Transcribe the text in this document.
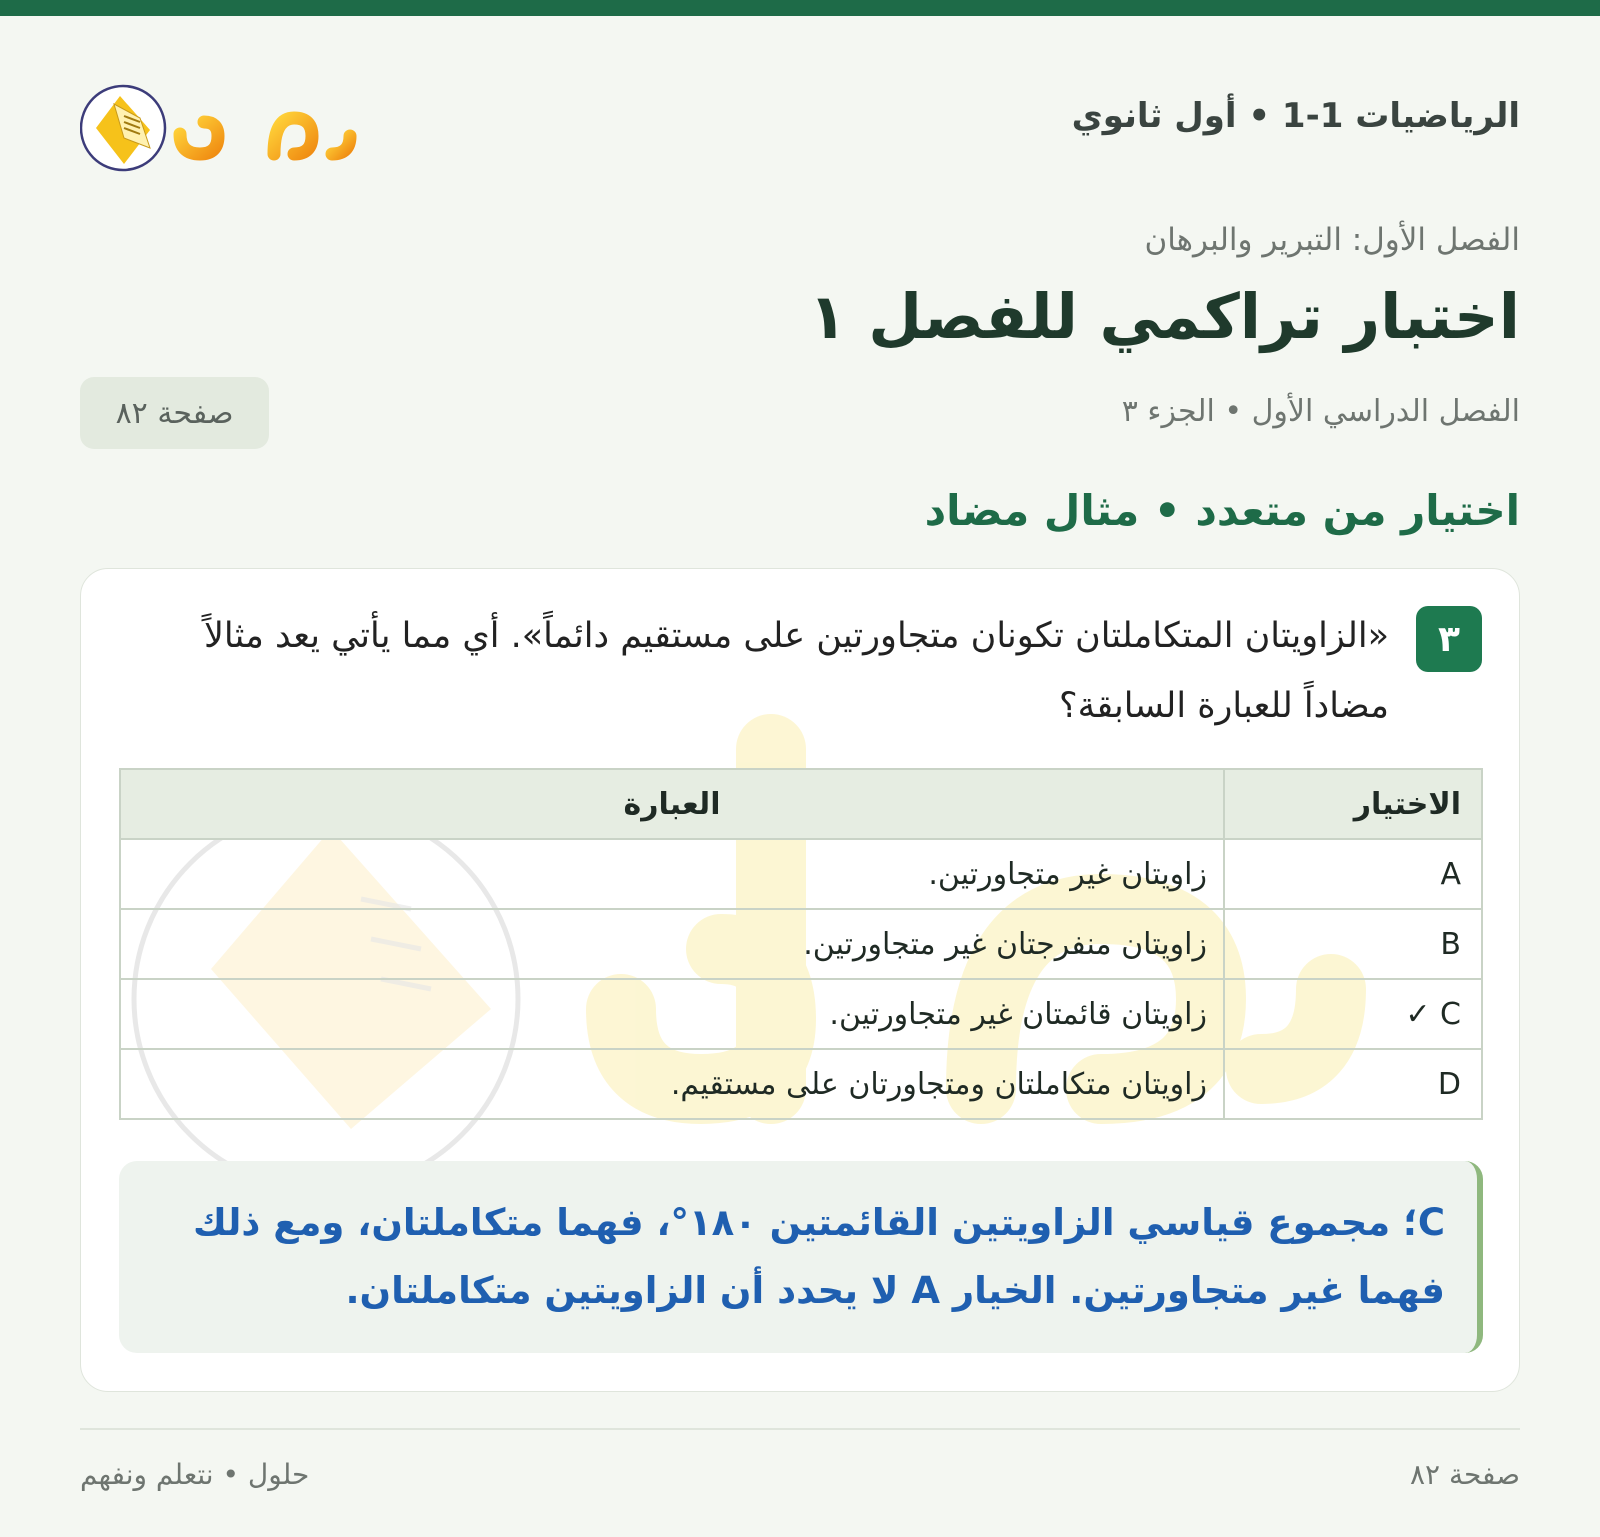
الرياضيات 1-1 • أول ثانوي
الفصل الأول: التبرير والبرهان
اختبار تراكمي للفصل ١
الفصل الدراسي الأول • الجزء ٣
صفحة ٨٢
اختيار من متعدد • مثال مضاد
٣
«الزاويتان المتكاملتان تكونان متجاورتين على مستقيم دائماً». أي مما يأتي يعد مثالاً مضاداً للعبارة السابقة؟
الاختيار	العبارة
A	زاويتان غير متجاورتين.
B	زاويتان منفرجتان غير متجاورتين.
C ✓	زاويتان قائمتان غير متجاورتين.
D	زاويتان متكاملتان ومتجاورتان على مستقيم.
C؛ مجموع قياسي الزاويتين القائمتين ١٨٠°، فهما متكاملتان، ومع ذلك فهما غير متجاورتين. الخيار A لا يحدد أن الزاويتين متكاملتان.
صفحة ٨٢
حلول • نتعلم ونفهم
